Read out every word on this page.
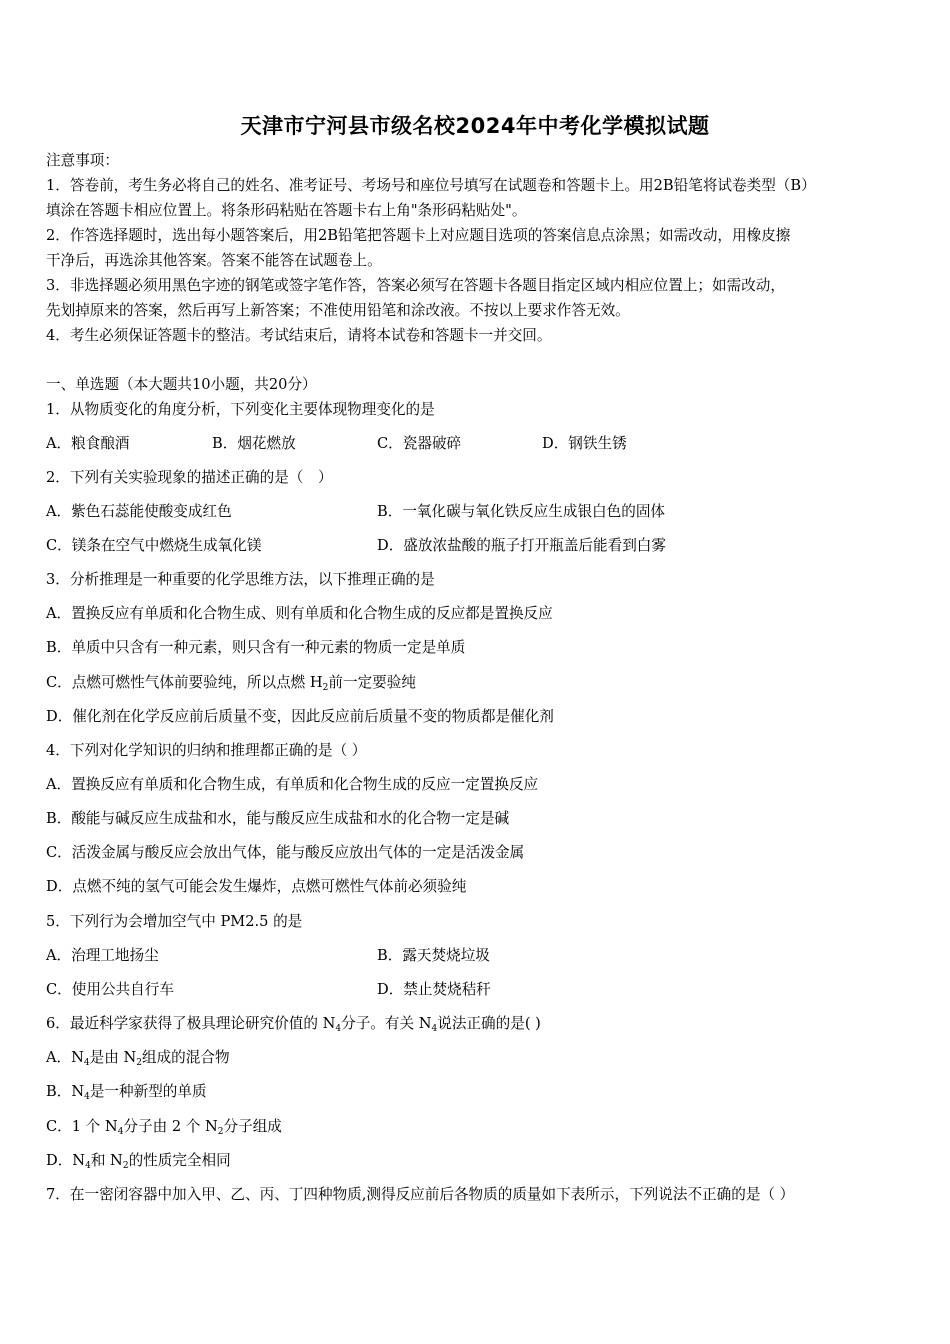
天津市宁河县市级名校2024年中考化学模拟试题
注意事项：
1．答卷前，考生务必将自己的姓名、准考证号、考场号和座位号填写在试题卷和答题卡上。用2B铅笔将试卷类型（B）
填涂在答题卡相应位置上。将条形码粘贴在答题卡右上角"条形码粘贴处"。
2．作答选择题时，选出每小题答案后，用2B铅笔把答题卡上对应题目选项的答案信息点涂黑；如需改动，用橡皮擦
干净后，再选涂其他答案。答案不能答在试题卷上。
3．非选择题必须用黑色字迹的钢笔或签字笔作答，答案必须写在答题卡各题目指定区域内相应位置上；如需改动，
先划掉原来的答案，然后再写上新答案；不准使用铅笔和涂改液。不按以上要求作答无效。
4．考生必须保证答题卡的整洁。考试结束后，请将本试卷和答题卡一并交回。
一、单选题（本大题共10小题，共20分）
1．从物质变化的角度分析，下列变化主要体现物理变化的是
A．粮食酿酒	B．烟花燃放	C．瓷器破碎	D．钢铁生锈
2．下列有关实验现象的描述正确的是（　）
A．紫色石蕊能使酸变成红色	B．一氧化碳与氧化铁反应生成银白色的固体
C．镁条在空气中燃烧生成氧化镁	D．盛放浓盐酸的瓶子打开瓶盖后能看到白雾
3．分析推理是一种重要的化学思维方法，以下推理正确的是
A．置换反应有单质和化合物生成、则有单质和化合物生成的反应都是置换反应
B．单质中只含有一种元素，则只含有一种元素的物质一定是单质
C．点燃可燃性气体前要验纯，所以点燃 $H_2$前一定要验纯
D．催化剂在化学反应前后质量不变，因此反应前后质量不变的物质都是催化剂
4．下列对化学知识的归纳和推理都正确的是（ ）
A．置换反应有单质和化合物生成，有单质和化合物生成的反应一定置换反应
B．酸能与碱反应生成盐和水，能与酸反应生成盐和水的化合物一定是碱
C．活泼金属与酸反应会放出气体，能与酸反应放出气体的一定是活泼金属
D．点燃不纯的氢气可能会发生爆炸，点燃可燃性气体前必须验纯
5．下列行为会增加空气中 PM2.5 的是
A．治理工地扬尘	B．露天焚烧垃圾
C．使用公共自行车	D．禁止焚烧秸秆
6．最近科学家获得了极具理论研究价值的 $N_4$分子。有关 $N_4$说法正确的是( )
A．$N_4$是由 $N_2$组成的混合物
B．$N_4$是一种新型的单质
C．1 个 $N_4$分子由 2 个 $N_2$分子组成
D．$N_4$和 $N_2$的性质完全相同
7．在一密闭容器中加入甲、乙、丙、丁四种物质,测得反应前后各物质的质量如下表所示，下列说法不正确的是（ ）
